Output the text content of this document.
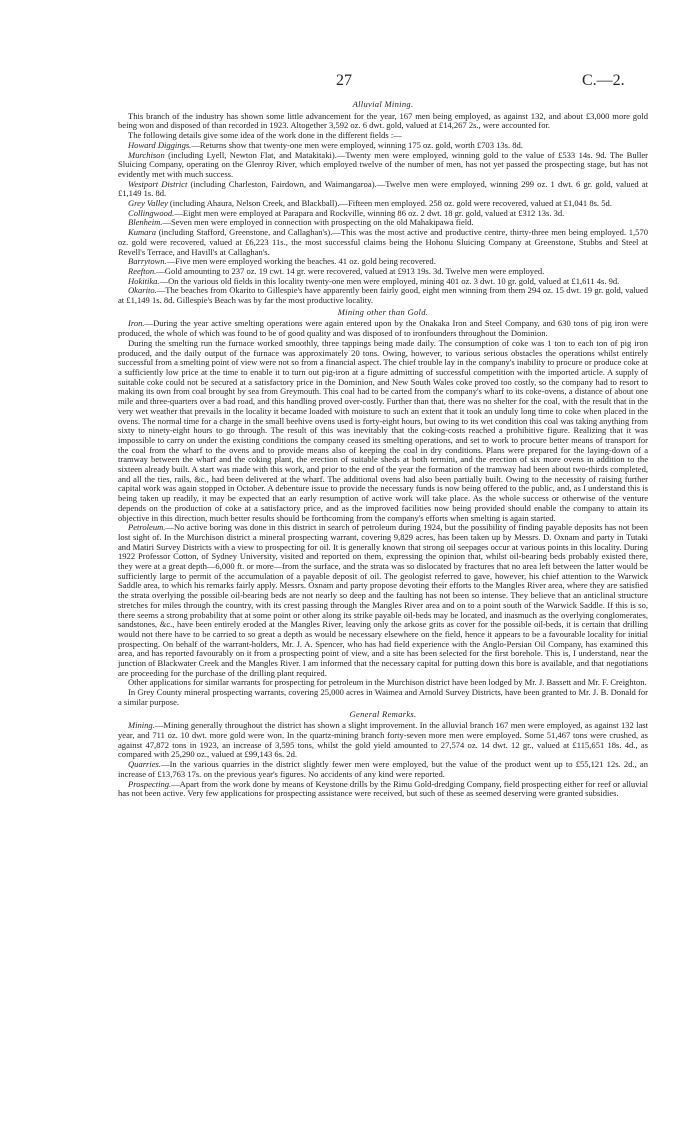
27	C.—2.
Alluvial Mining.

This branch of the industry has shown some little advancement for the year, 167 men being employed, as against 132, and about £3,000 more gold being won and disposed of than recorded in 1923. Altogether 3,592 oz. 6 dwt. gold, valued at £14,267 2s., were accounted for.

The following details give some idea of the work done in the different fields :—

Howard Diggings.—Returns show that twenty-one men were employed, winning 175 oz. gold, worth £703 13s. 8d.

Murchison (including Lyell, Newton Flat, and Matakitaki).—Twenty men were employed, winning gold to the value of £533 14s. 9d. The Buller Sluicing Company, operating on the Glenroy River, which employed twelve of the number of men, has not yet passed the prospecting stage, but has not evidently met with much success.

Westport District (including Charleston, Fairdown, and Waimangaroa).—Twelve men were employed, winning 299 oz. 1 dwt. 6 gr. gold, valued at £1,149 1s. 8d.

Grey Valley (including Ahaura, Nelson Creek, and Blackball).—Fifteen men employed. 258 oz. gold were recovered, valued at £1,041 8s. 5d.

Collingwood.—Eight men were employed at Parapara and Rockville, winning 86 oz. 2 dwt. 18 gr. gold, valued at £312 13s. 3d.

Blenheim.—Seven men were employed in connection with prospecting on the old Mahakipawa field.

Kumara (including Stafford, Greenstone, and Callaghan's).—This was the most active and productive centre, thirty-three men being employed. 1,570 oz. gold were recovered, valued at £6,223 11s., the most successful claims being the Hohonu Sluicing Company at Greenstone, Stubbs and Steel at Revell's Terrace, and Havill's at Callaghan's.

Barrytown.—Five men were employed working the beaches. 41 oz. gold being recovered.

Reefton.—Gold amounting to 237 oz. 19 cwt. 14 gr. were recovered, valued at £913 19s. 3d. Twelve men were employed.

Hokitika.—On the various old fields in this locality twenty-one men were employed, mining 401 oz. 3 dwt. 10 gr. gold, valued at £1,611 4s. 9d.

Okarito.—The beaches from Okarito to Gillespie's have apparently been fairly good, eight men winning from them 294 oz. 15 dwt. 19 gr. gold, valued at £1,149 1s. 8d. Gillespie's Beach was by far the most productive locality.

Mining other than Gold.

Iron.—During the year active smelting operations were again entered upon by the Onakaka Iron and Steel Company, and 630 tons of pig iron were produced, the whole of which was found to be of good quality and was disposed of to ironfounders throughout the Dominion.

During the smelting run the furnace worked smoothly, three tappings being made daily. The consumption of coke was 1 ton to each ton of pig iron produced, and the daily output of the furnace was approximately 20 tons. Owing, however, to various serious obstacles the operations whilst entirely successful from a smelting point of view were not so from a financial aspect. The chief trouble lay in the company's inability to procure or produce coke at a sufficiently low price at the time to enable it to turn out pig-iron at a figure admitting of successful competition with the imported article. A supply of suitable coke could not be secured at a satisfactory price in the Dominion, and New South Wales coke proved too costly, so the company had to resort to making its own from coal brought by sea from Greymouth. This coal had to be carted from the company's wharf to its coke-ovens, a distance of about one mile and three-quarters over a bad road, and this handling proved over-costly. Further than that, there was no shelter for the coal, with the result that in the very wet weather that prevails in the locality it became loaded with moisture to such an extent that it took an unduly long time to coke when placed in the ovens. The normal time for a charge in the small beehive ovens used is forty-eight hours, but owing to its wet condition this coal was taking anything from sixty to ninety-eight hours to go through. The result of this was inevitably that the coking-costs reached a prohibitive figure. Realizing that it was impossible to carry on under the existing conditions the company ceased its smelting operations, and set to work to procure better means of transport for the coal from the wharf to the ovens and to provide means also of keeping the coal in dry conditions. Plans were prepared for the laying-down of a tramway between the wharf and the coking plant, the erection of suitable sheds at both termini, and the erection of six more ovens in addition to the sixteen already built. A start was made with this work, and prior to the end of the year the formation of the tramway had been about two-thirds completed, and all the ties, rails, &c., had been delivered at the wharf. The additional ovens had also been partially built. Owing to the necessity of raising further capital work was again stopped in October. A debenture issue to provide the necessary funds is now being offered to the public, and, as I understand this is being taken up readily, it may be expected that an early resumption of active work will take place. As the whole success or otherwise of the venture depends on the production of coke at a satisfactory price, and as the improved facilities now being provided should enable the company to attain its objective in this direction, much better results should be forthcoming from the company's efforts when smelting is again started.

Petroleum.—No active boring was done in this district in search of petroleum during 1924, but the possibility of finding payable deposits has not been lost sight of. In the Murchison district a mineral prospecting warrant, covering 9,829 acres, has been taken up by Messrs. D. Oxnam and party in Tutaki and Matiri Survey Districts with a view to prospecting for oil. It is generally known that strong oil seepages occur at various points in this locality. During 1922 Professor Cotton, of Sydney University, visited and reported on them, expressing the opinion that, whilst oil-bearing beds probably existed there, they were at a great depth—6,000 ft. or more—from the surface, and the strata was so dislocated by fractures that no area left between the latter would be sufficiently large to permit of the accumulation of a payable deposit of oil. The geologist referred to gave, however, his chief attention to the Warwick Saddle area, to which his remarks fairly apply. Messrs. Oxnam and party propose devoting their efforts to the Mangles River area, where they are satisfied the strata overlying the possible oil-bearing beds are not nearly so deep and the faulting has not been so intense. They believe that an anticlinal structure stretches for miles through the country, with its crest passing through the Mangles River area and on to a point south of the Warwick Saddle. If this is so, there seems a strong probability that at some point or other along its strike payable oil-beds may be located, and inasmuch as the overlying conglomerates, sandstones, &c., have been entirely eroded at the Mangles River, leaving only the arkose grits as cover for the possible oil-beds, it is certain that drilling would not there have to be carried to so great a depth as would be necessary elsewhere on the field, hence it appears to be a favourable locality for initial prospecting. On behalf of the warrant-holders, Mr. J. A. Spencer, who has had field experience with the Anglo-Persian Oil Company, has examined this area, and has reported favourably on it from a prospecting point of view, and a site has been selected for the first borehole. This is, I understand, near the junction of Blackwater Creek and the Mangles River. I am informed that the necessary capital for putting down this bore is available, and that negotiations are proceeding for the purchase of the drilling plant required.

Other applications for similar warrants for prospecting for petroleum in the Murchison district have been lodged by Mr. J. Bassett and Mr. F. Creighton.

In Grey County mineral prospecting warrants, covering 25,000 acres in Waimea and Arnold Survey Districts, have been granted to Mr. J. B. Donald for a similar purpose.

General Remarks.

Mining.—Mining generally throughout the district has shown a slight improvement. In the alluvial branch 167 men were employed, as against 132 last year, and 711 oz. 10 dwt. more gold were won. In the quartz-mining branch forty-seven more men were employed. Some 51,467 tons were crushed, as against 47,872 tons in 1923, an increase of 3,595 tons, whilst the gold yield amounted to 27,574 oz. 14 dwt. 12 gr., valued at £115,651 18s. 4d., as compared with 25,290 oz., valued at £99,143 6s. 2d.

Quarries.—In the various quarries in the district slightly fewer men were employed, but the value of the product went up to £55,121 12s. 2d., an increase of £13,763 17s. on the previous year's figures. No accidents of any kind were reported.

Prospecting.—Apart from the work done by means of Keystone drills by the Rimu Gold-dredging Company, field prospecting either for reef or alluvial has not been active. Very few applications for prospecting assistance were received, but such of these as seemed deserving were granted subsidies.
